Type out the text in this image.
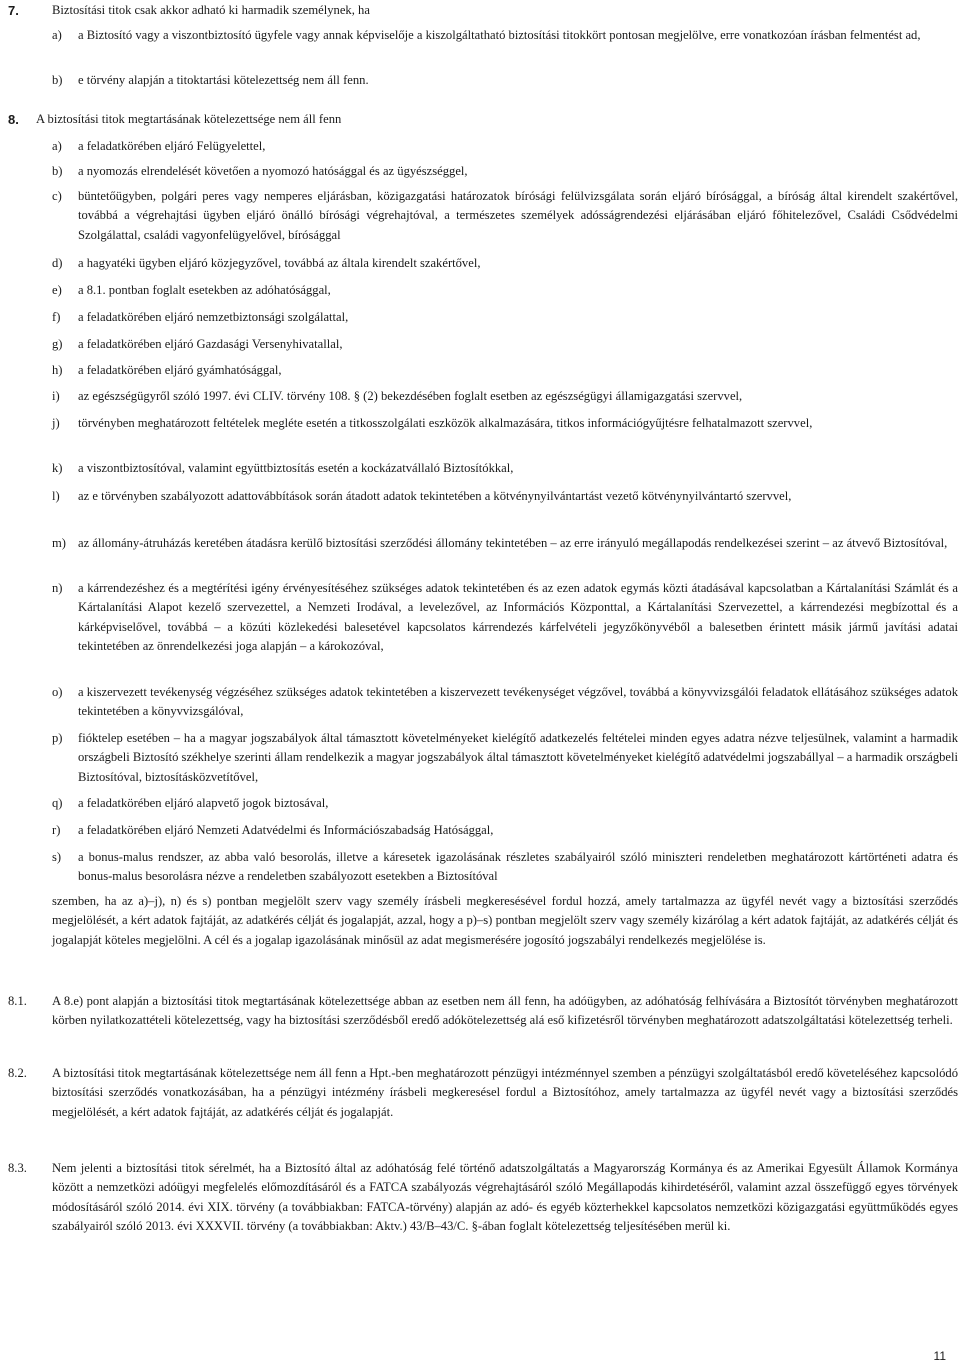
7.	Biztosítási titok csak akkor adható ki harmadik személynek, ha
a) a Biztosító vagy a viszontbiztosító ügyfele vagy annak képviselője a kiszolgáltatható biztosítási titokkört pontosan megjelölve, erre vonatkozóan írásban felmentést ad,
b) e törvény alapján a titoktartási kötelezettség nem áll fenn.
8. A biztosítási titok megtartásának kötelezettsége nem áll fenn
a) a feladatkörében eljáró Felügyelettel,
b) a nyomozás elrendelését követően a nyomozó hatósággal és az ügyészséggel,
c) büntetőügyben, polgári peres vagy nemperes eljárásban, közigazgatási határozatok bírósági felülvizsgálata során eljáró bírósággal, a bíróság által kirendelt szakértővel, továbbá a végrehajtási ügyben eljáró önálló bírósági végrehajtóval, a természetes személyek adósságrendezési eljárásában eljáró főhitelezővel, Családi Csődvédelmi Szolgálattal, családi vagyonfelügyelővel, bírósággal
d) a hagyatéki ügyben eljáró közjegyzővel, továbbá az általa kirendelt szakértővel,
e) a 8.1. pontban foglalt esetekben az adóhatósággal,
f) a feladatkörében eljáró nemzetbiztonsági szolgálattal,
g) a feladatkörében eljáró Gazdasági Versenyhivatallal,
h) a feladatkörében eljáró gyámhatósággal,
i) az egészségügyről szóló 1997. évi CLIV. törvény 108. § (2) bekezdésében foglalt esetben az egészségügyi államigazgatási szervvel,
j) törvényben meghatározott feltételek megléte esetén a titkosszolgálati eszközök alkalmazására, titkos információgyűjtésre felhatalmazott szervvel,
k) a viszontbiztosítóval, valamint együttbiztosítás esetén a kockázatvállaló Biztosítókkal,
l) az e törvényben szabályozott adattovábbítások során átadott adatok tekintetében a kötvénynyilvántartást vezető kötvénynyilvántartó szervvel,
m) az állomány-átruházás keretében átadásra kerülő biztosítási szerződési állomány tekintetében – az erre irányuló megállapodás rendelkezései szerint – az átvevő Biztosítóval,
n) a kárrendezéshez és a megtérítési igény érvényesítéséhez szükséges adatok tekintetében és az ezen adatok egymás közti átadásával kapcsolatban a Kártalanítási Számlát és a Kártalanítási Alapot kezelő szervezettel, a Nemzeti Irodával, a levelezővel, az Információs Központtal, a Kártalanítási Szervezettel, a kárrendezési megbízottal és a kárképviselővel, továbbá – a közúti közlekedési balesetével kapcsolatos kárrendezés kárfelvételi jegyzőkönyvéből a balesetben érintett másik jármű javítási adatai tekintetében az önrendelkezési joga alapján – a károkozóval,
o) a kiszervezett tevékenység végzéséhez szükséges adatok tekintetében a kiszervezett tevékenységet végzővel, továbbá a könyvvizsgálói feladatok ellátásához szükséges adatok tekintetében a könyvvizsgálóval,
p) fióktelep esetében – ha a magyar jogszabályok által támasztott követelményeket kielégítő adatkezelés feltételei minden egyes adatra nézve teljesülnek, valamint a harmadik országbeli Biztosító székhelye szerinti állam rendelkezik a magyar jogszabályok által támasztott követelményeket kielégítő adatvédelmi jogszabállyal – a harmadik országbeli Biztosítóval, biztosításközvetítővel,
q) a feladatkörében eljáró alapvető jogok biztosával,
r) a feladatkörében eljáró Nemzeti Adatvédelmi és Információszabadság Hatósággal,
s) a bonus-malus rendszer, az abba való besorolás, illetve a káresetek igazolásának részletes szabályairól szóló miniszteri rendeletben meghatározott kártörténeti adatra és bonus-malus besorolásra nézve a rendeletben szabályozott esetekben a Biztosítóval
szemben, ha az a)–j), n) és s) pontban megjelölt szerv vagy személy írásbeli megkeresésével fordul hozzá, amely tartalmazza az ügyfél nevét vagy a biztosítási szerződés megjelölését, a kért adatok fajtáját, az adatkérés célját és jogalapját, azzal, hogy a p)–s) pontban megjelölt szerv vagy személy kizárólag a kért adatok fajtáját, az adatkérés célját és jogalapját köteles megjelölni. A cél és a jogalap igazolásának minősül az adat megismerésére jogosító jogszabályi rendelkezés megjelölése is.
8.1. A 8.e) pont alapján a biztosítási titok megtartásának kötelezettsége abban az esetben nem áll fenn, ha adóügyben, az adóhatóság felhívására a Biztosítót törvényben meghatározott körben nyilatkozattételi kötelezettség, vagy ha biztosítási szerződésből eredő adókötelezettség alá eső kifizetésről törvényben meghatározott adatszolgáltatási kötelezettség terheli.
8.2. A biztosítási titok megtartásának kötelezettsége nem áll fenn a Hpt.-ben meghatározott pénzügyi intézménnyel szemben a pénzügyi szolgáltatásból eredő követeléséhez kapcsolódó biztosítási szerződés vonatkozásában, ha a pénzügyi intézmény írásbeli megkeresésel fordul a Biztosítóhoz, amely tartalmazza az ügyfél nevét vagy a biztosítási szerződés megjelölését, a kért adatok fajtáját, az adatkérés célját és jogalapját.
8.3. Nem jelenti a biztosítási titok sérelmét, ha a Biztosító által az adóhatóság felé történő adatszolgáltatás a Magyarország Kormánya és az Amerikai Egyesült Államok Kormánya között a nemzetközi adóügyi megfelelés előmozdításáról és a FATCA szabályozás végrehajtásáról szóló Megállapodás kihirdetéséről, valamint azzal összefüggő egyes törvények módosításáról szóló 2014. évi XIX. törvény (a továbbiakban: FATCA-törvény) alapján az adó- és egyéb közterhekkel kapcsolatos nemzetközi közigazgatási együttműködés egyes szabályairól szóló 2013. évi XXXVII. törvény (a továbbiakban: Aktv.) 43/B–43/C. §-ában foglalt kötelezettség teljesítésében merül ki.
11
